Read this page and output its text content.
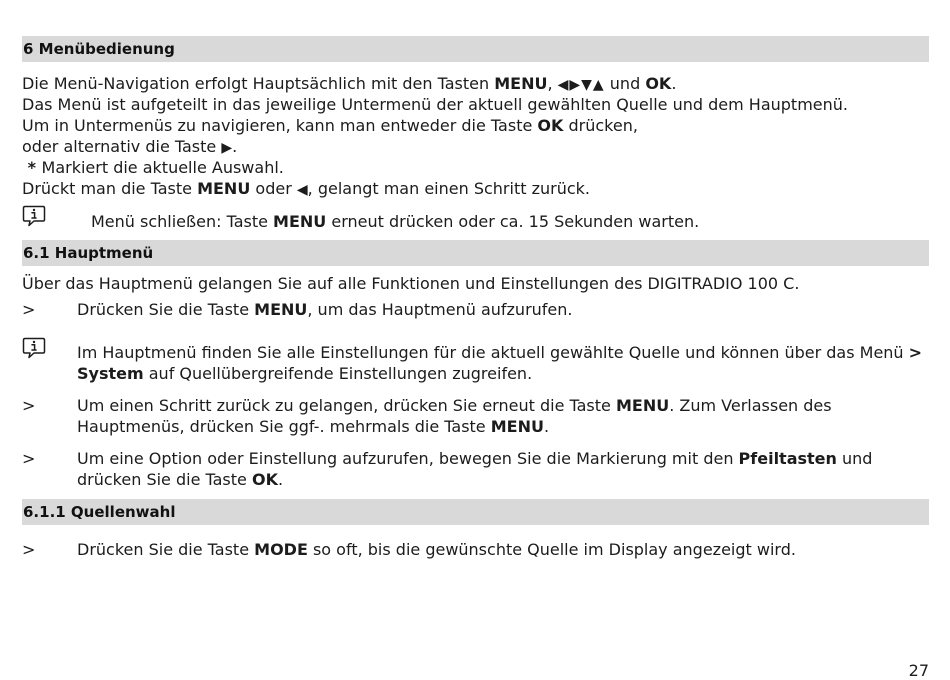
6 Menübedienung
Die Menü-Navigation erfolgt Hauptsächlich mit den Tasten MENU, ◀▶▼▲ und OK.
Das Menü ist aufgeteilt in das jeweilige Untermenü der aktuell gewählten Quelle und dem Hauptmenü.
Um in Untermenüs zu navigieren, kann man entweder die Taste OK drücken,
oder alternativ die Taste ▶.
* Markiert die aktuelle Auswahl.
Drückt man die Taste MENU oder ◀, gelangt man einen Schritt zurück.
Menü schließen: Taste MENU erneut drücken oder ca. 15 Sekunden warten.
6.1 Hauptmenü
Über das Hauptmenü gelangen Sie auf alle Funktionen und Einstellungen des DIGITRADIO 100 C.
>	Drücken Sie die Taste MENU, um das Hauptmenü aufzurufen.
Im Hauptmenü finden Sie alle Einstellungen für die aktuell gewählte Quelle und können über das Menü > System auf Quellübergreifende Einstellungen zugreifen.
>	Um einen Schritt zurück zu gelangen, drücken Sie erneut die Taste MENU. Zum Verlassen des Hauptmenüs, drücken Sie ggf-. mehrmals die Taste MENU.
>	Um eine Option oder Einstellung aufzurufen, bewegen Sie die Markierung mit den Pfeiltasten und drücken Sie die Taste OK.
6.1.1 Quellenwahl
>	Drücken Sie die Taste MODE so oft, bis die gewünschte Quelle im Display angezeigt wird.
27
